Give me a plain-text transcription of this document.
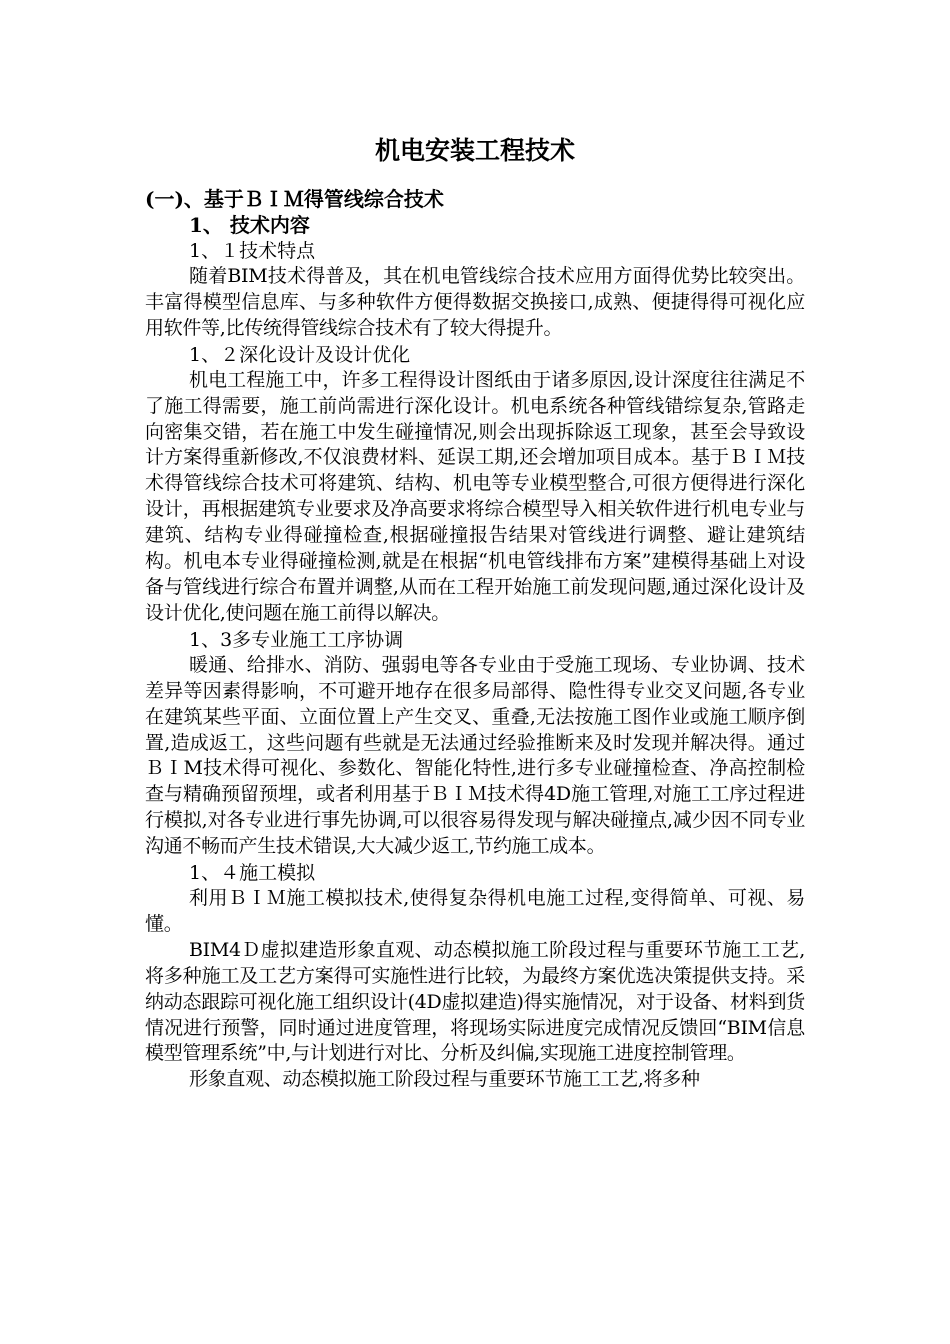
机电安装工程技术

(一)、基于ＢＩＭ得管线综合技术

1、 技术内容

1、１技术特点

随着BIM技术得普及，其在机电管线综合技术应用方面得优势比较突出。丰富得模型信息库、与多种软件方便得数据交换接口,成熟、便捷得得可视化应用软件等,比传统得管线综合技术有了较大得提升。

1、２深化设计及设计优化

机电工程施工中，许多工程得设计图纸由于诸多原因,设计深度往往满足不了施工得需要，施工前尚需进行深化设计。机电系统各种管线错综复杂,管路走向密集交错，若在施工中发生碰撞情况,则会出现拆除返工现象，甚至会导致设计方案得重新修改,不仅浪费材料、延误工期,还会增加项目成本。基于ＢＩＭ技术得管线综合技术可将建筑、结构、机电等专业模型整合,可很方便得进行深化设计，再根据建筑专业要求及净高要求将综合模型导入相关软件进行机电专业与建筑、结构专业得碰撞检查,根据碰撞报告结果对管线进行调整、避让建筑结构。机电本专业得碰撞检测,就是在根据“机电管线排布方案”建模得基础上对设备与管线进行综合布置并调整,从而在工程开始施工前发现问题,通过深化设计及设计优化,使问题在施工前得以解决。

1、3多专业施工工序协调

暖通、给排水、消防、强弱电等各专业由于受施工现场、专业协调、技术差异等因素得影响，不可避开地存在很多局部得、隐性得专业交叉问题,各专业在建筑某些平面、立面位置上产生交叉、重叠,无法按施工图作业或施工顺序倒置,造成返工，这些问题有些就是无法通过经验推断来及时发现并解决得。通过ＢＩM技术得可视化、参数化、智能化特性,进行多专业碰撞检查、净高控制检查与精确预留预埋，或者利用基于ＢＩＭ技术得4D施工管理,对施工工序过程进行模拟,对各专业进行事先协调,可以很容易得发现与解决碰撞点,减少因不同专业沟通不畅而产生技术错误,大大减少返工,节约施工成本。

1、４施工模拟

利用ＢＩＭ施工模拟技术,使得复杂得机电施工过程,变得简单、可视、易懂。

BIM4Ｄ虚拟建造形象直观、动态模拟施工阶段过程与重要环节施工工艺,将多种施工及工艺方案得可实施性进行比较，为最终方案优选决策提供支持。采纳动态跟踪可视化施工组织设计(4D虚拟建造)得实施情况，对于设备、材料到货情况进行预警，同时通过进度管理，将现场实际进度完成情况反馈回“BIM信息模型管理系统”中,与计划进行对比、分析及纠偏,实现施工进度控制管理。

形象直观、动态模拟施工阶段过程与重要环节施工工艺,将多种
